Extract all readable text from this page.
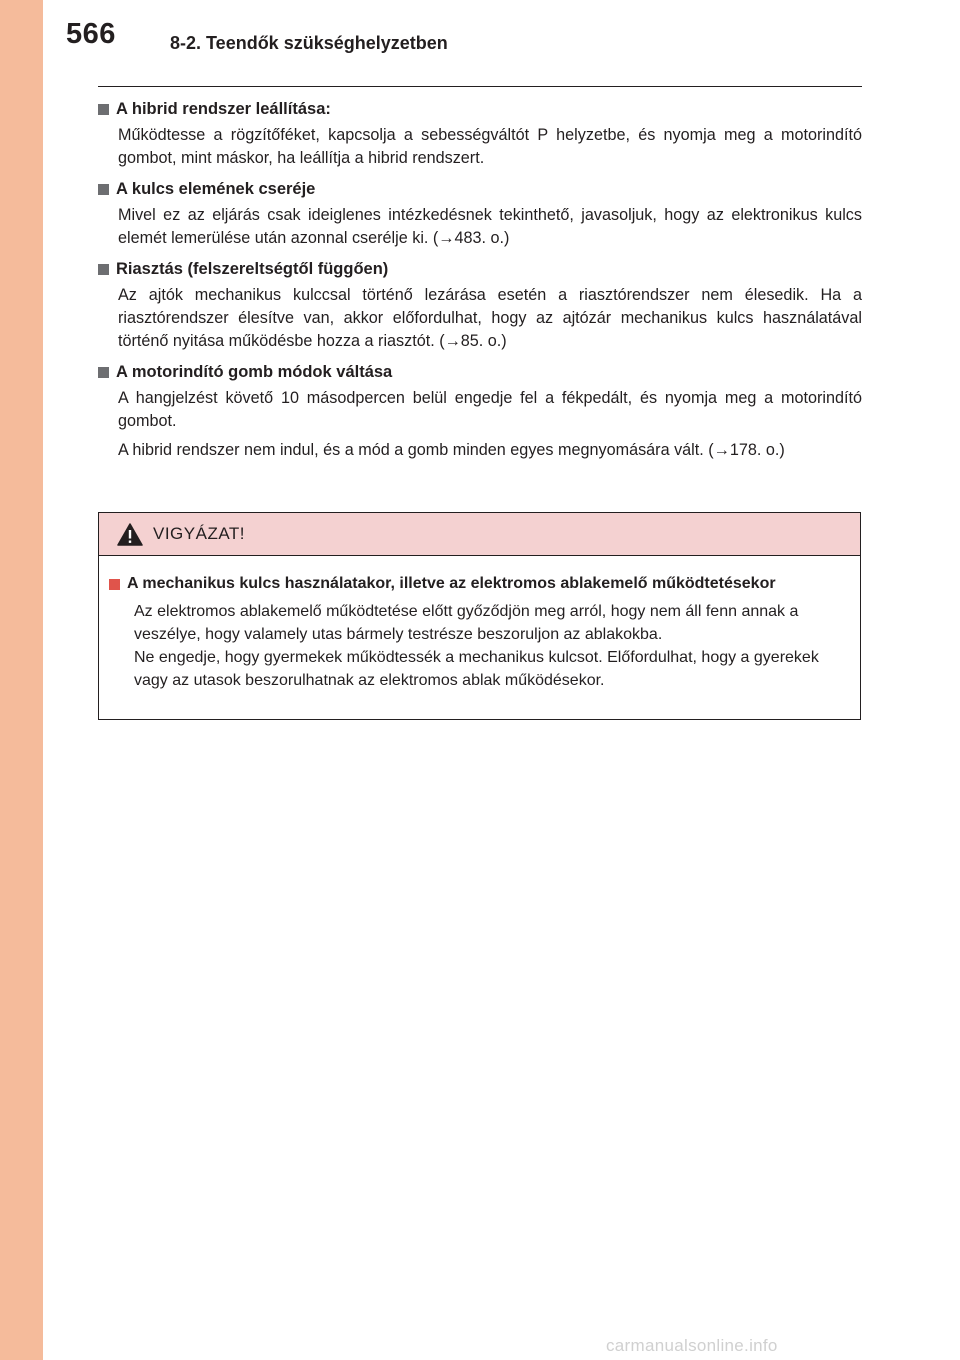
566	8-2. Teendők szükséghelyzetben
A hibrid rendszer leállítása:

Működtesse a rögzítőféket, kapcsolja a sebességváltót P helyzetbe, és nyomja meg a motorindító gombot, mint máskor, ha leállítja a hibrid rendszert.

A kulcs elemének cseréje

Mivel ez az eljárás csak ideiglenes intézkedésnek tekinthető, javasoljuk, hogy az elektronikus kulcs elemét lemerülése után azonnal cserélje ki. (→483. o.)

Riasztás (felszereltségtől függően)

Az ajtók mechanikus kulccsal történő lezárása esetén a riasztórendszer nem élesedik. Ha a riasztórendszer élesítve van, akkor előfordulhat, hogy az ajtózár mechanikus kulcs használatával történő nyitása működésbe hozza a riasztót. (→85. o.)

A motorindító gomb módok váltása

A hangjelzést követő 10 másodpercen belül engedje fel a fékpedált, és nyomja meg a motorindító gombot.

A hibrid rendszer nem indul, és a mód a gomb minden egyes megnyomására vált. (→178. o.)

VIGYÁZAT!
A mechanikus kulcs használatakor, illetve az elektromos ablakemelő működtetésekor

Az elektromos ablakemelő működtetése előtt győződjön meg arról, hogy nem áll fenn annak a veszélye, hogy valamely utas bármely testrésze beszoruljon az ablakokba.
Ne engedje, hogy gyermekek működtessék a mechanikus kulcsot. Előfordulhat, hogy a gyerekek vagy az utasok beszorulhatnak az elektromos ablak működésekor.

carmanualsonline.info
